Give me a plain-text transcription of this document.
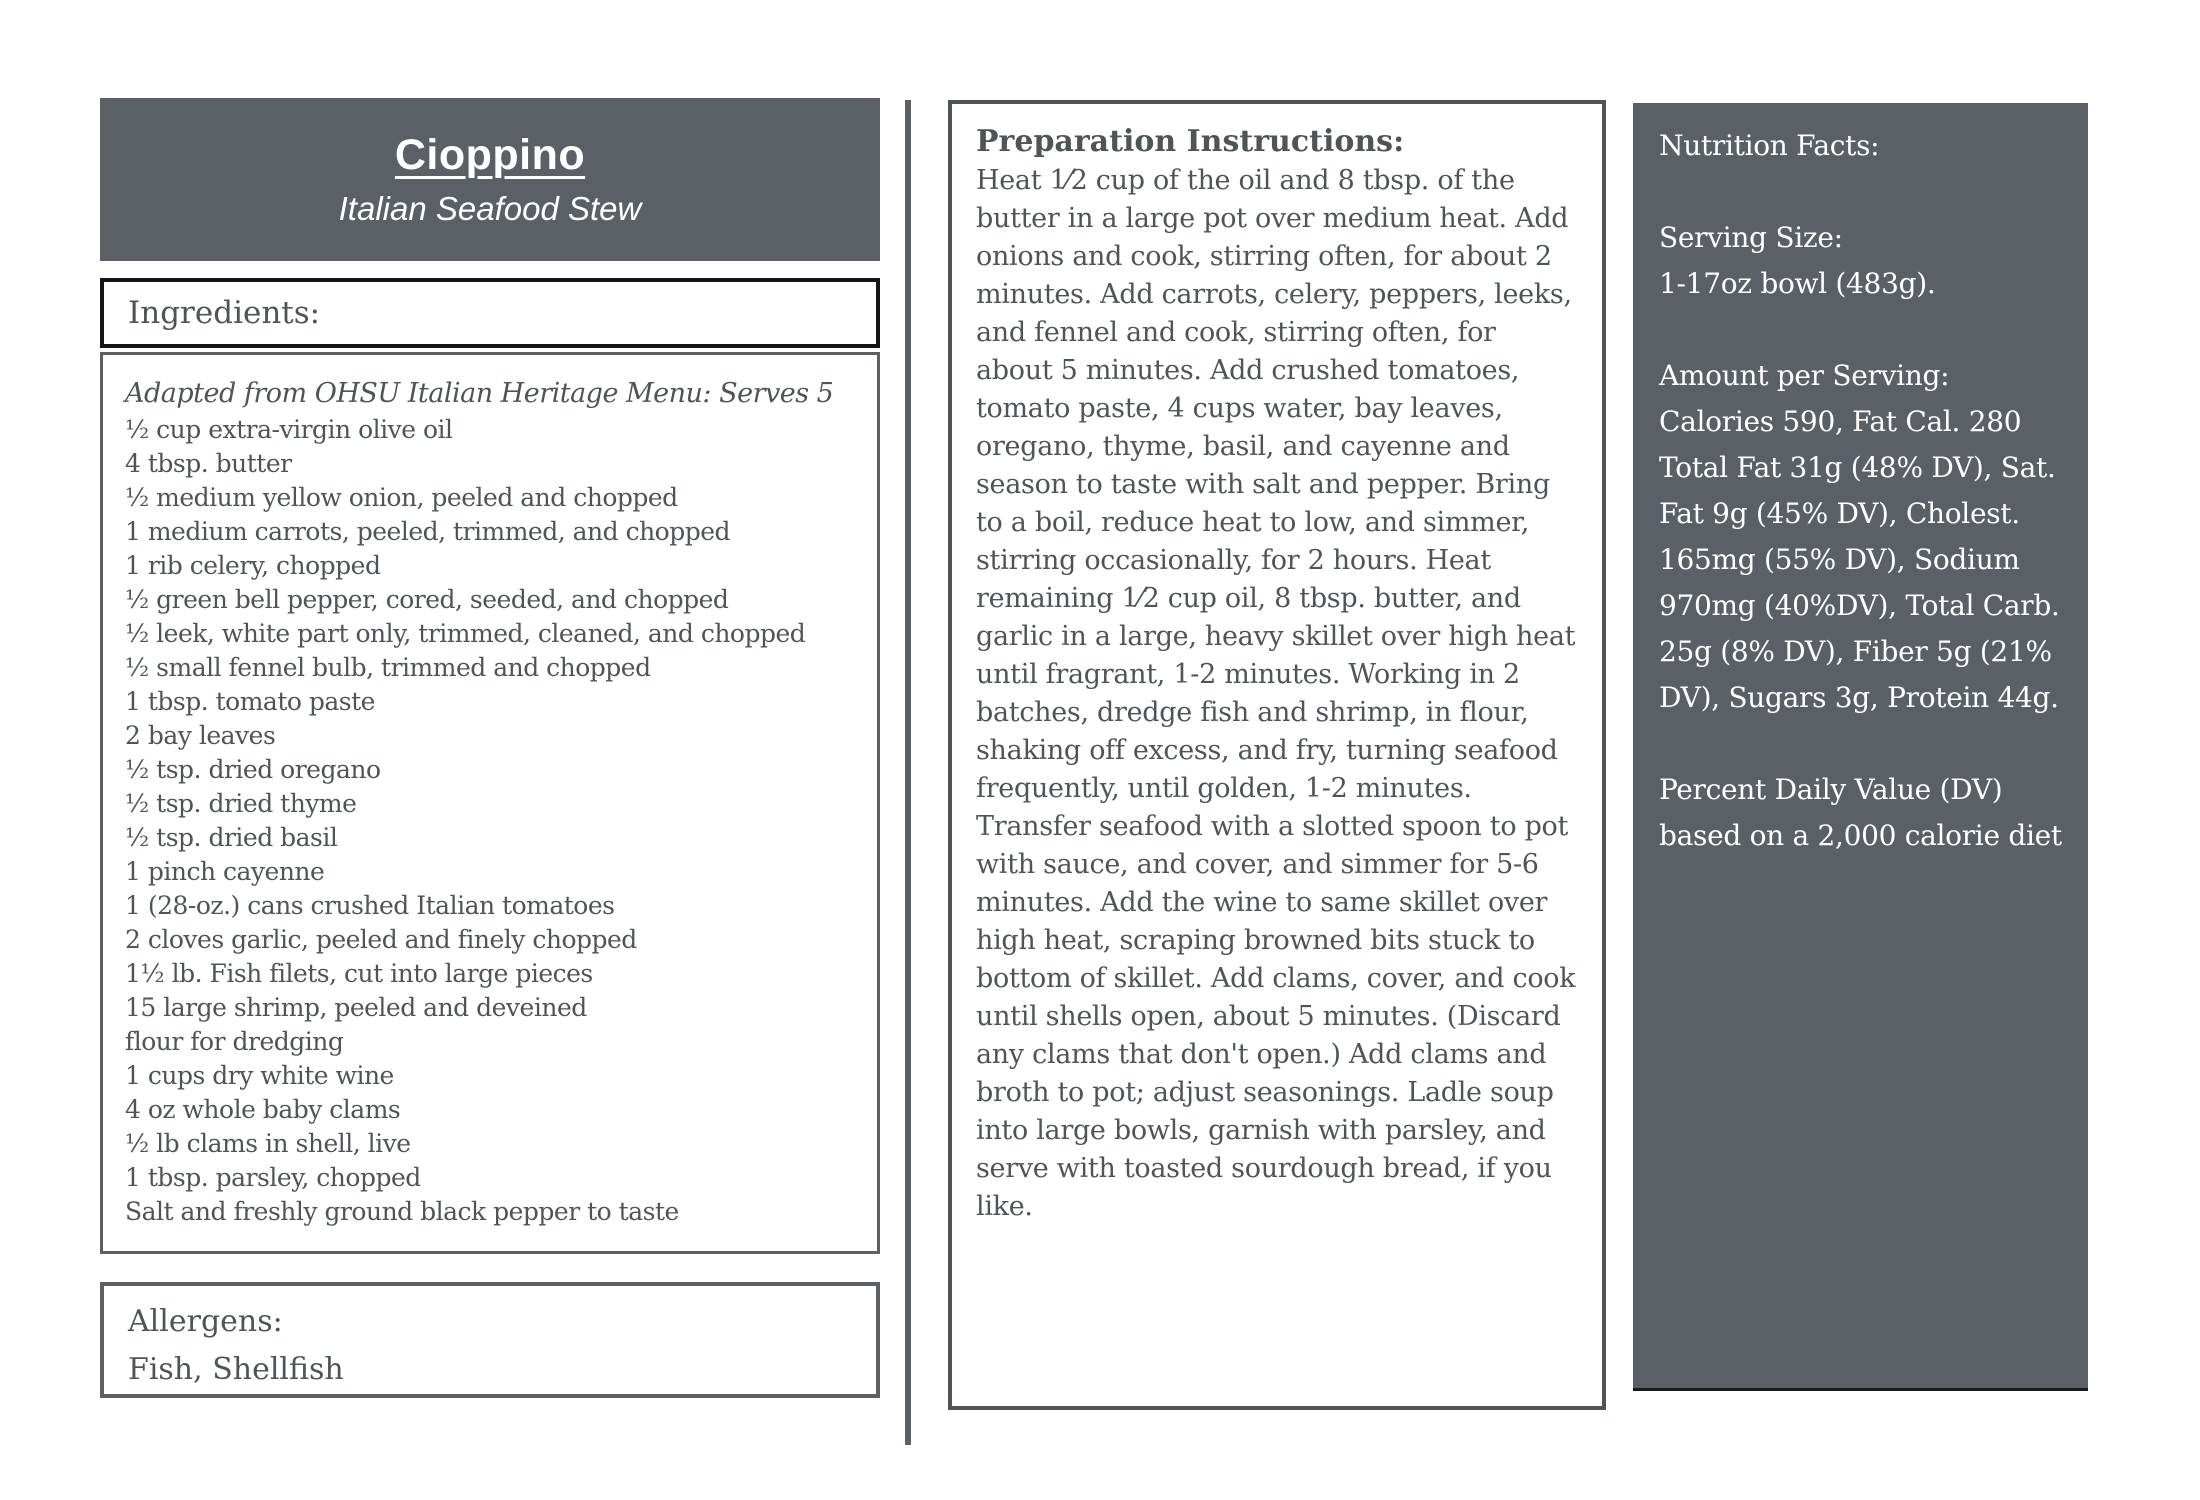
Cioppino
Italian Seafood Stew
Ingredients:
Adapted from OHSU Italian Heritage Menu: Serves 5
½ cup extra-virgin olive oil
4 tbsp. butter
½ medium yellow onion, peeled and chopped
1 medium carrots, peeled, trimmed, and chopped
1 rib celery, chopped
½ green bell pepper, cored, seeded, and chopped
½ leek, white part only, trimmed, cleaned, and chopped
½ small fennel bulb, trimmed and chopped
1 tbsp. tomato paste
2 bay leaves
½ tsp. dried oregano
½ tsp. dried thyme
½ tsp. dried basil
1 pinch cayenne
1 (28-oz.) cans crushed Italian tomatoes
2 cloves garlic, peeled and finely chopped
1½ lb. Fish filets, cut into large pieces
15 large shrimp, peeled and deveined
flour for dredging
1 cups dry white wine
4 oz whole baby clams
½ lb clams in shell, live
1 tbsp. parsley, chopped
Salt and freshly ground black pepper to taste
Allergens:
Fish, Shellfish
Preparation Instructions:
Heat 1⁄2 cup of the oil and 8 tbsp. of the butter in a large pot over medium heat. Add onions and cook, stirring often, for about 2 minutes. Add carrots, celery, peppers, leeks, and fennel and cook, stirring often, for about 5 minutes. Add crushed tomatoes, tomato paste, 4 cups water, bay leaves, oregano, thyme, basil, and cayenne and season to taste with salt and pepper. Bring to a boil, reduce heat to low, and simmer, stirring occasionally, for 2 hours. Heat remaining 1⁄2 cup oil, 8 tbsp. butter, and garlic in a large, heavy skillet over high heat until fragrant, 1-2 minutes. Working in 2 batches, dredge fish and shrimp, in flour, shaking off excess, and fry, turning seafood frequently, until golden, 1-2 minutes. Transfer seafood with a slotted spoon to pot with sauce, and cover, and simmer for 5-6 minutes. Add the wine to same skillet over high heat, scraping browned bits stuck to bottom of skillet. Add clams, cover, and cook until shells open, about 5 minutes. (Discard any clams that don't open.) Add clams and broth to pot; adjust seasonings. Ladle soup into large bowls, garnish with parsley, and serve with toasted sourdough bread, if you like.

Nutrition Facts:

Serving Size:
1-17oz bowl (483g).

Amount per Serving:
Calories 590, Fat Cal. 280 Total Fat 31g (48% DV), Sat. Fat 9g (45% DV), Cholest. 165mg (55% DV), Sodium 970mg (40%DV), Total Carb. 25g (8% DV), Fiber 5g (21% DV), Sugars 3g, Protein 44g.

Percent Daily Value (DV) based on a 2,000 calorie diet
